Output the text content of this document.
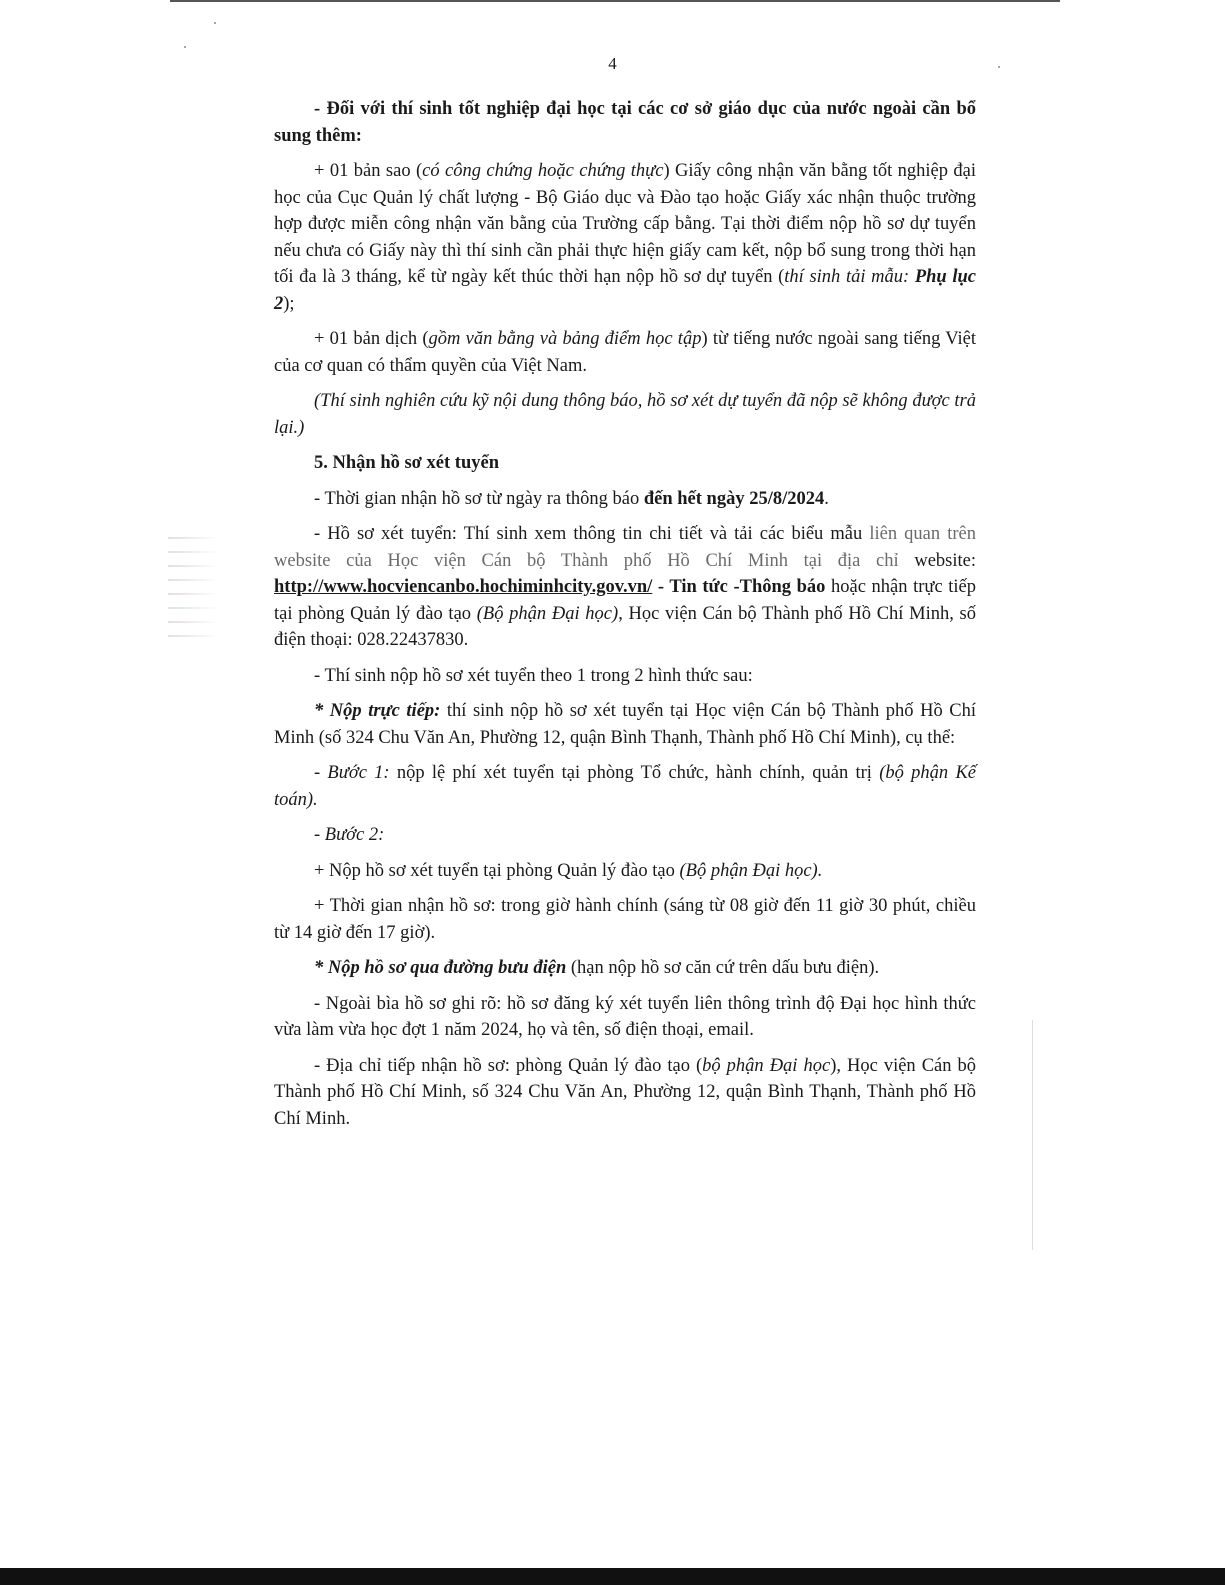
4

- Đối với thí sinh tốt nghiệp đại học tại các cơ sở giáo dục của nước ngoài cần bổ sung thêm:

+ 01 bản sao (có công chứng hoặc chứng thực) Giấy công nhận văn bằng tốt nghiệp đại học của Cục Quản lý chất lượng - Bộ Giáo dục và Đào tạo hoặc Giấy xác nhận thuộc trường hợp được miễn công nhận văn bằng của Trường cấp bằng. Tại thời điểm nộp hồ sơ dự tuyển nếu chưa có Giấy này thì thí sinh cần phải thực hiện giấy cam kết, nộp bổ sung trong thời hạn tối đa là 3 tháng, kể từ ngày kết thúc thời hạn nộp hồ sơ dự tuyển (thí sinh tải mẫu: Phụ lục 2);

+ 01 bản dịch (gồm văn bằng và bảng điểm học tập) từ tiếng nước ngoài sang tiếng Việt của cơ quan có thẩm quyền của Việt Nam.

(Thí sinh nghiên cứu kỹ nội dung thông báo, hồ sơ xét dự tuyển đã nộp sẽ không được trả lại.)

5. Nhận hồ sơ xét tuyển

- Thời gian nhận hồ sơ từ ngày ra thông báo đến hết ngày 25/8/2024.

- Hồ sơ xét tuyển: Thí sinh xem thông tin chi tiết và tải các biểu mẫu liên quan trên website của Học viện Cán bộ Thành phố Hồ Chí Minh tại địa chỉ website: http://www.hocviencanbo.hochiminhcity.gov.vn/ - Tin tức -Thông báo hoặc nhận trực tiếp tại phòng Quản lý đào tạo (Bộ phận Đại học), Học viện Cán bộ Thành phố Hồ Chí Minh, số điện thoại: 028.22437830.

- Thí sinh nộp hồ sơ xét tuyển theo 1 trong 2 hình thức sau:

* Nộp trực tiếp: thí sinh nộp hồ sơ xét tuyển tại Học viện Cán bộ Thành phố Hồ Chí Minh (số 324 Chu Văn An, Phường 12, quận Bình Thạnh, Thành phố Hồ Chí Minh), cụ thể:

- Bước 1: nộp lệ phí xét tuyển tại phòng Tổ chức, hành chính, quản trị (bộ phận Kế toán).

- Bước 2:

+ Nộp hồ sơ xét tuyển tại phòng Quản lý đào tạo (Bộ phận Đại học).

+ Thời gian nhận hồ sơ: trong giờ hành chính (sáng từ 08 giờ đến 11 giờ 30 phút, chiều từ 14 giờ đến 17 giờ).

* Nộp hồ sơ qua đường bưu điện (hạn nộp hồ sơ căn cứ trên dấu bưu điện).

- Ngoài bìa hồ sơ ghi rõ: hồ sơ đăng ký xét tuyển liên thông trình độ Đại học hình thức vừa làm vừa học đợt 1 năm 2024, họ và tên, số điện thoại, email.

- Địa chỉ tiếp nhận hồ sơ: phòng Quản lý đào tạo (bộ phận Đại học), Học viện Cán bộ Thành phố Hồ Chí Minh, số 324 Chu Văn An, Phường 12, quận Bình Thạnh, Thành phố Hồ Chí Minh.
